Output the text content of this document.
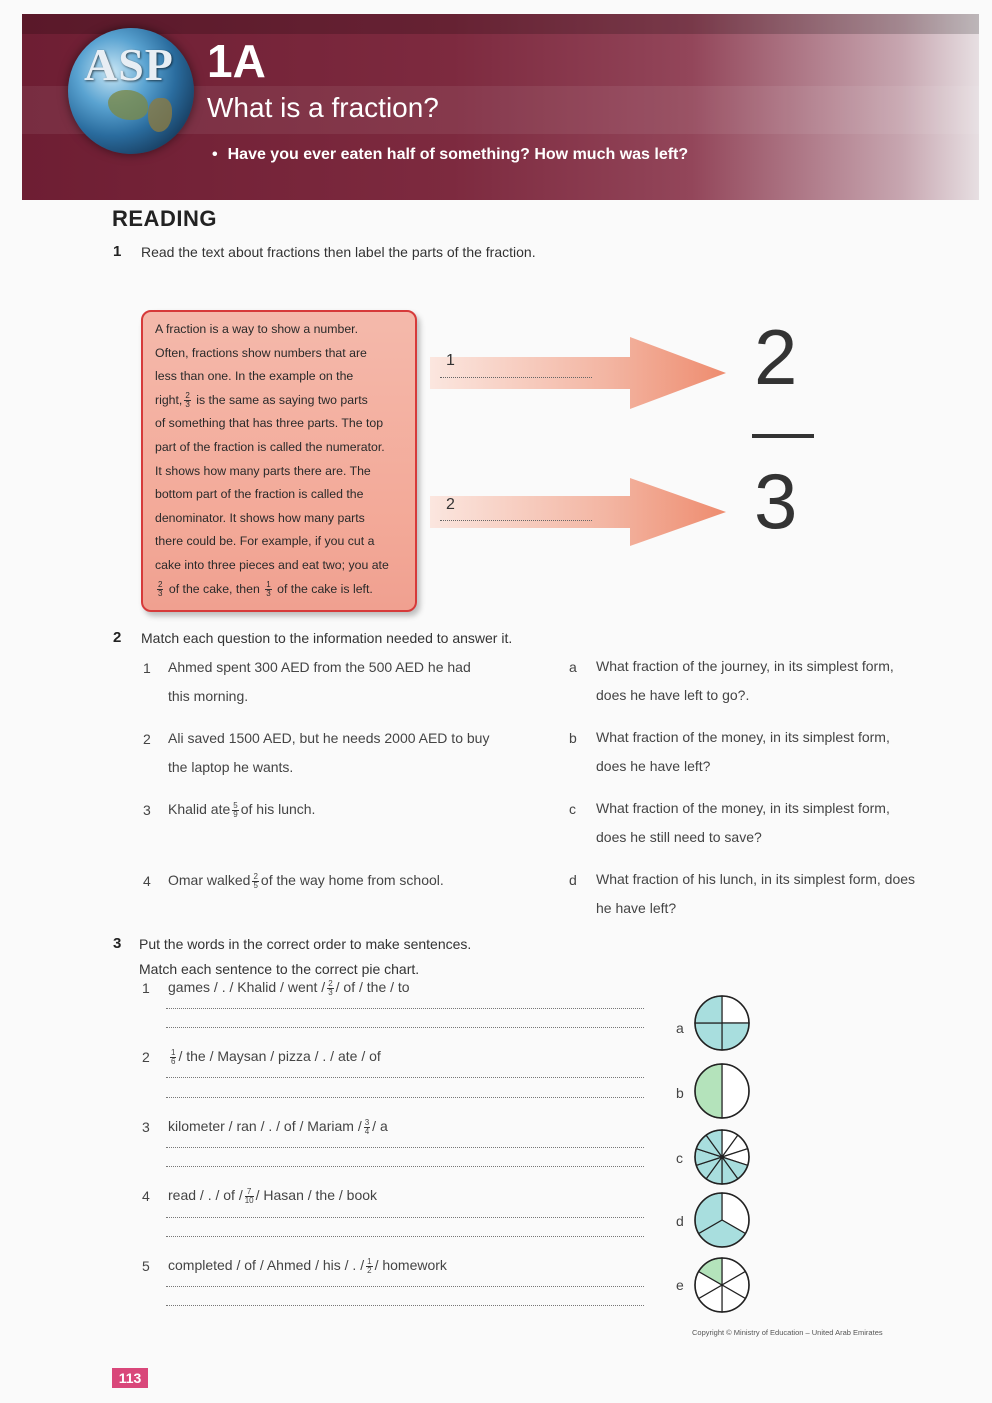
ASP 1A
What is a fraction?
• Have you ever eaten half of something? How much was left?
READING
1 Read the text about fractions then label the parts of the fraction.
A fraction is a way to show a number.
Often, fractions show numbers that are
less than one. In the example on the
right, $\frac{2}{3}$ is the same as saying two parts
of something that has three parts. The top
part of the fraction is called the numerator.
It shows how many parts there are. The
bottom part of the fraction is called the
denominator. It shows how many parts
there could be. For example, if you cut a
cake into three pieces and eat two; you ate
$\frac{2}{3}$ of the cake, then $\frac{1}{3}$ of the cake is left.
1
2
2
3
2 Match each question to the information needed to answer it.
1 Ahmed spent 300 AED from the 500 AED he had
this morning.
2 Ali saved 1500 AED, but he needs 2000 AED to buy
the laptop he wants.
3 Khalid ate $\frac{5}{9}$ of his lunch.
4 Omar walked $\frac{2}{5}$ of the way home from school.
a What fraction of the journey, in its simplest form,
does he have left to go?.
b What fraction of the money, in its simplest form,
does he have left?
c What fraction of the money, in its simplest form,
does he still need to save?
d What fraction of his lunch, in its simplest form, does
he have left?
3 Put the words in the correct order to make sentences.
Match each sentence to the correct pie chart.
1 games / . / Khalid / went / $\frac{2}{3}$ / of / the / to
2	$\frac{1}{6}$ / the / Maysan / pizza / . / ate / of
3 kilometer / ran / . / of / Mariam / $\frac{3}{4}$ / a
4 read / . / of / $\frac{7}{10}$ / Hasan / the / book
5 completed / of / Ahmed / his / . / $\frac{1}{2}$ / homework
a
b
c
d
e
Copyright © Ministry of Education – United Arab Emirates
113
